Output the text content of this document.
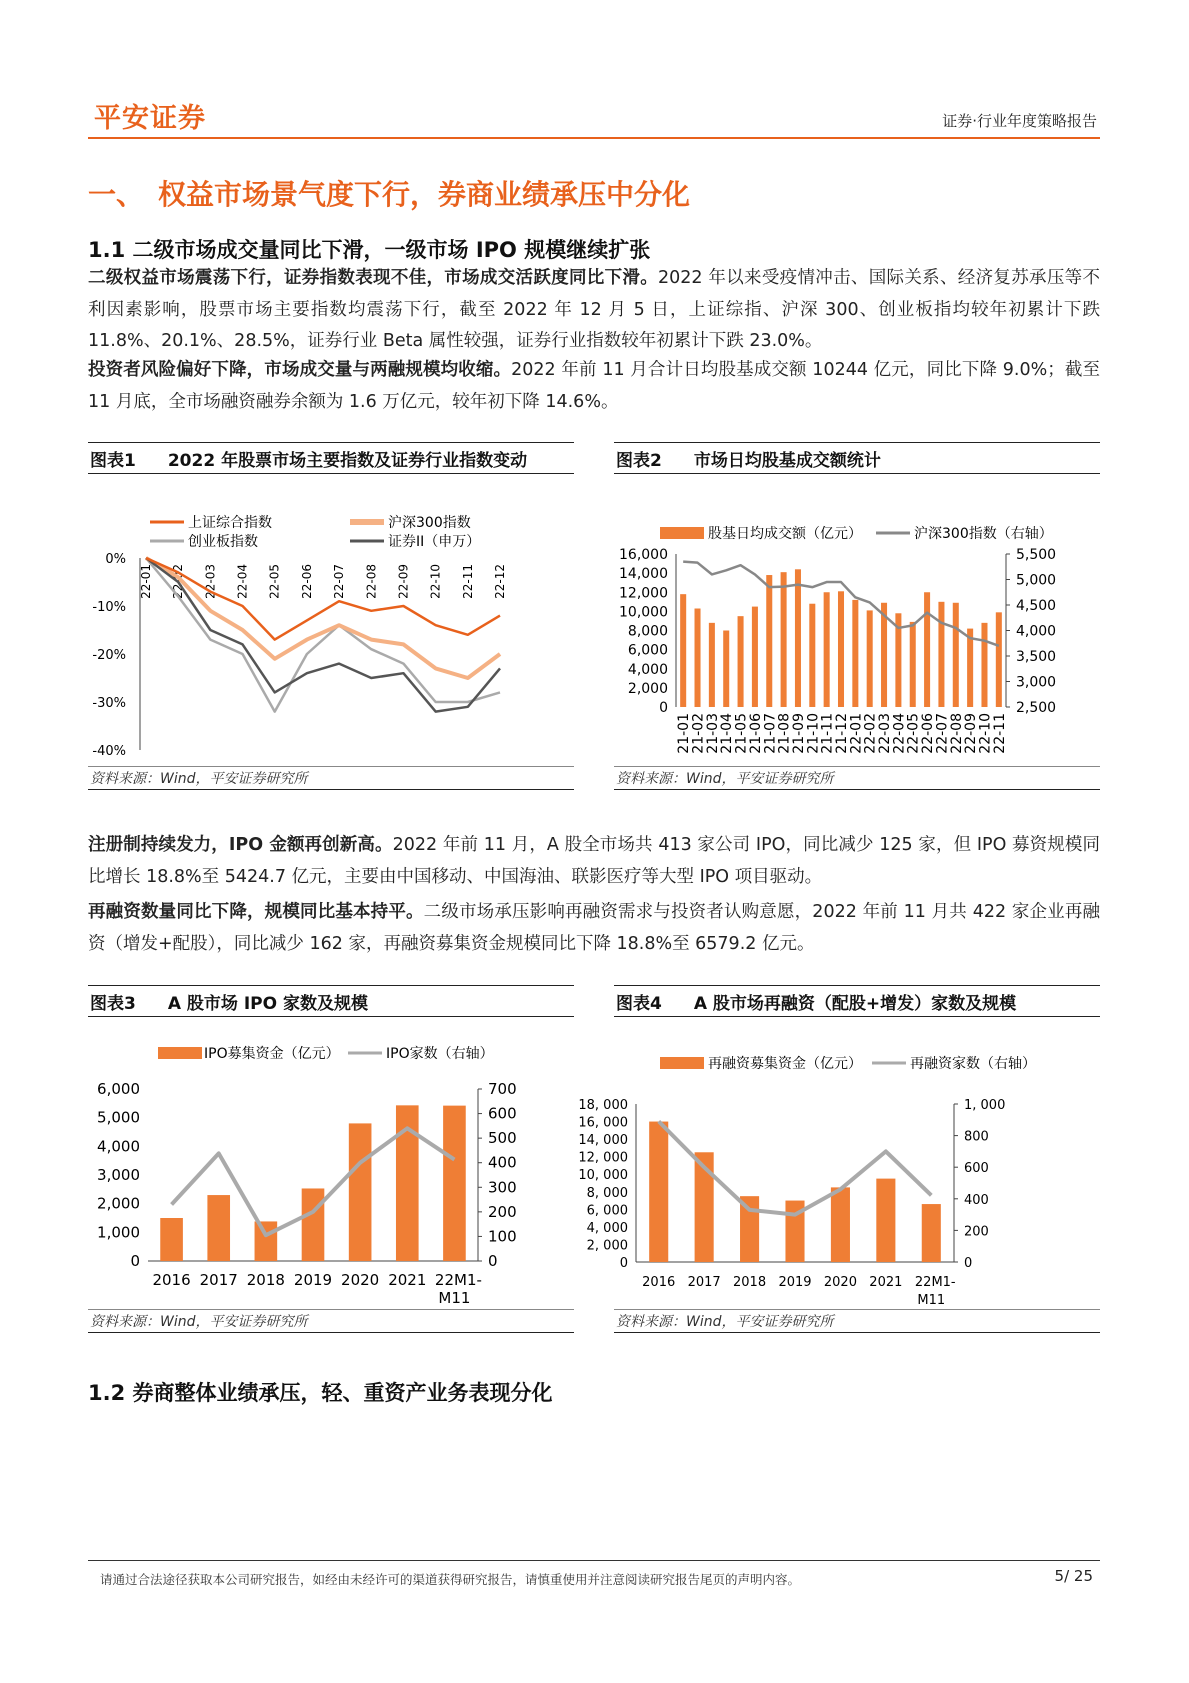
平安证券	证券·行业年度策略报告
一、　权益市场景气度下行，券商业绩承压中分化
1.1 二级市场成交量同比下滑，一级市场 IPO 规模继续扩张
二级权益市场震荡下行，证券指数表现不佳，市场成交活跃度同比下滑。2022 年以来受疫情冲击、国际关系、经济复苏承压等不利因素影响，股票市场主要指数均震荡下行，截至 2022 年 12 月 5 日，上证综指、沪深 300、创业板指均较年初累计下跌 11.8%、20.1%、28.5%，证券行业 Beta 属性较强，证券行业指数较年初累计下跌 23.0%。
投资者风险偏好下降，市场成交量与两融规模均收缩。2022 年前 11 月合计日均股基成交额 10244 亿元，同比下降 9.0%；截至 11 月底，全市场融资融券余额为 1.6 万亿元，较年初下降 14.6%。
图表1 2022 年股票市场主要指数及证券行业指数变动
上证综合指数	沪深300指数
创业板指数	证券II（申万）
0%
-10%
-20%
-30%
-40%
22-01 22-02 22-03 22-04 22-05 22-06 22-07 22-08 22-09 22-10 22-11 22-12
资料来源：Wind，平安证券研究所
图表2 市场日均股基成交额统计
股基日均成交额（亿元）	沪深300指数（右轴）
16,000
14,000
12,000
10,000
8,000
6,000
4,000
2,000
0
5,500
5,000
4,500
4,000
3,500
3,000
2,500
21-01
21-02
21-03
21-04
21-05
21-06
21-07
21-08
21-09
21-10
21-11
21-12
22-01
22-02
22-03
22-04
22-05
22-06
22-07
22-08
22-09
22-10
22-11
资料来源：Wind，平安证券研究所
注册制持续发力，IPO 金额再创新高。2022 年前 11 月，A 股全市场共 413 家公司 IPO，同比减少 125 家，但 IPO 募资规模同比增长 18.8%至 5424.7 亿元，主要由中国移动、中国海油、联影医疗等大型 IPO 项目驱动。
再融资数量同比下降，规模同比基本持平。二级市场承压影响再融资需求与投资者认购意愿，2022 年前 11 月共 422 家企业再融资（增发+配股），同比减少 162 家，再融资募集资金规模同比下降 18.8%至 6579.2 亿元。
图表3 A 股市场 IPO 家数及规模
IPO募集资金（亿元）	IPO家数（右轴）
6,000
5,000
4,000
3,000
2,000
1,000
0
700
600
500
400
300
200
100
0
2016 2017 2018 2019 2020 2021 22M1-
M11
资料来源：Wind，平安证券研究所
图表4 A 股市场再融资（配股+增发）家数及规模
再融资募集资金（亿元）	再融资家数（右轴）
18, 000
16, 000
14, 000
12, 000
10, 000
8, 000
6, 000
4, 000
2, 000
0
1, 000
800
600
400
200
0
2016 2017 2018 2019 2020 2021 22M1-
M11
资料来源：Wind，平安证券研究所
1.2 券商整体业绩承压，轻、重资产业务表现分化
请通过合法途径获取本公司研究报告，如经由未经许可的渠道获得研究报告，请慎重使用并注意阅读研究报告尾页的声明内容。	5/ 25
